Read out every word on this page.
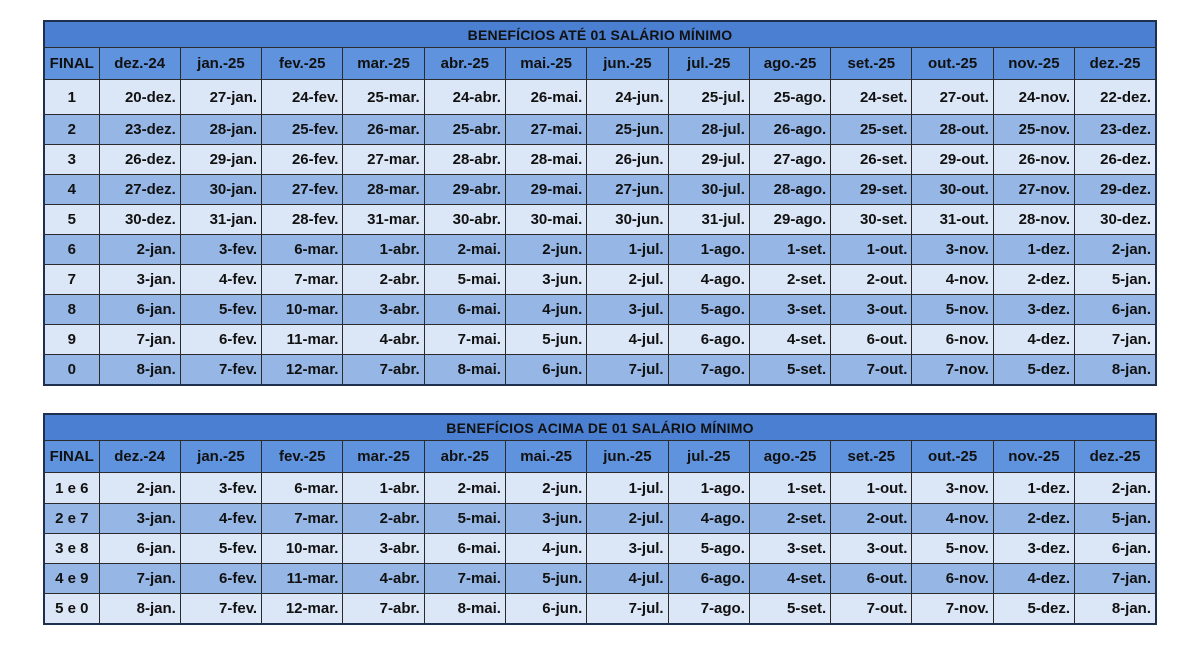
BENEFÍCIOS ATÉ 01 SALÁRIO MÍNIMO													
FINAL	dez.-24	jan.-25	fev.-25	mar.-25	abr.-25	mai.-25	jun.-25	jul.-25	ago.-25	set.-25	out.-25	nov.-25	dez.-25
1	20-dez.	27-jan.	24-fev.	25-mar.	24-abr.	26-mai.	24-jun.	25-jul.	25-ago.	24-set.	27-out.	24-nov.	22-dez.
2	23-dez.	28-jan.	25-fev.	26-mar.	25-abr.	27-mai.	25-jun.	28-jul.	26-ago.	25-set.	28-out.	25-nov.	23-dez.
3	26-dez.	29-jan.	26-fev.	27-mar.	28-abr.	28-mai.	26-jun.	29-jul.	27-ago.	26-set.	29-out.	26-nov.	26-dez.
4	27-dez.	30-jan.	27-fev.	28-mar.	29-abr.	29-mai.	27-jun.	30-jul.	28-ago.	29-set.	30-out.	27-nov.	29-dez.
5	30-dez.	31-jan.	28-fev.	31-mar.	30-abr.	30-mai.	30-jun.	31-jul.	29-ago.	30-set.	31-out.	28-nov.	30-dez.
6	2-jan.	3-fev.	6-mar.	1-abr.	2-mai.	2-jun.	1-jul.	1-ago.	1-set.	1-out.	3-nov.	1-dez.	2-jan.
7	3-jan.	4-fev.	7-mar.	2-abr.	5-mai.	3-jun.	2-jul.	4-ago.	2-set.	2-out.	4-nov.	2-dez.	5-jan.
8	6-jan.	5-fev.	10-mar.	3-abr.	6-mai.	4-jun.	3-jul.	5-ago.	3-set.	3-out.	5-nov.	3-dez.	6-jan.
9	7-jan.	6-fev.	11-mar.	4-abr.	7-mai.	5-jun.	4-jul.	6-ago.	4-set.	6-out.	6-nov.	4-dez.	7-jan.
0	8-jan.	7-fev.	12-mar.	7-abr.	8-mai.	6-jun.	7-jul.	7-ago.	5-set.	7-out.	7-nov.	5-dez.	8-jan.
BENEFÍCIOS ACIMA DE 01 SALÁRIO MÍNIMO													
FINAL	dez.-24	jan.-25	fev.-25	mar.-25	abr.-25	mai.-25	jun.-25	jul.-25	ago.-25	set.-25	out.-25	nov.-25	dez.-25
1 e 6	2-jan.	3-fev.	6-mar.	1-abr.	2-mai.	2-jun.	1-jul.	1-ago.	1-set.	1-out.	3-nov.	1-dez.	2-jan.
2 e 7	3-jan.	4-fev.	7-mar.	2-abr.	5-mai.	3-jun.	2-jul.	4-ago.	2-set.	2-out.	4-nov.	2-dez.	5-jan.
3 e 8	6-jan.	5-fev.	10-mar.	3-abr.	6-mai.	4-jun.	3-jul.	5-ago.	3-set.	3-out.	5-nov.	3-dez.	6-jan.
4 e 9	7-jan.	6-fev.	11-mar.	4-abr.	7-mai.	5-jun.	4-jul.	6-ago.	4-set.	6-out.	6-nov.	4-dez.	7-jan.
5 e 0	8-jan.	7-fev.	12-mar.	7-abr.	8-mai.	6-jun.	7-jul.	7-ago.	5-set.	7-out.	7-nov.	5-dez.	8-jan.
